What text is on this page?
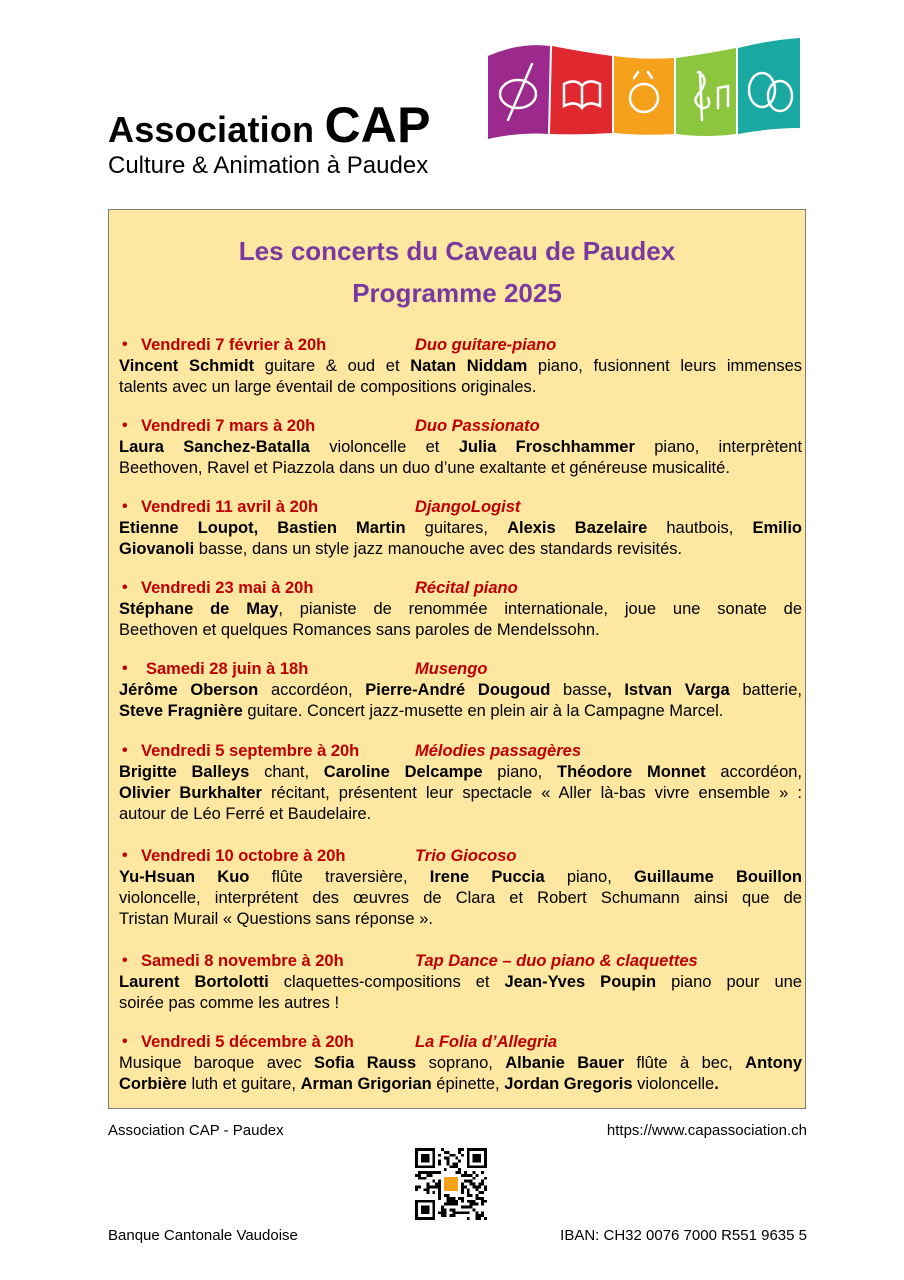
Association CAP
Culture & Animation à Paudex
Les concerts du Caveau de Paudex
Programme 2025
• Vendredi 7 février à 20h	Duo guitare-piano
Vincent Schmidt guitare & oud et Natan Niddam piano, fusionnent leurs immenses
talents avec un large éventail de compositions originales.
• Vendredi 7 mars à 20h	Duo Passionato
Laura Sanchez-Batalla violoncelle et Julia Froschhammer piano, interprètent
Beethoven, Ravel et Piazzola dans un duo d’une exaltante et généreuse musicalité.
• Vendredi 11 avril à 20h	DjangoLogist
Etienne Loupot, Bastien Martin guitares, Alexis Bazelaire hautbois, Emilio
Giovanoli basse, dans un style jazz manouche avec des standards revisités.
• Vendredi 23 mai à 20h	Récital piano
Stéphane de May, pianiste de renommée internationale, joue une sonate de
Beethoven et quelques Romances sans paroles de Mendelssohn.
• Samedi 28 juin à 18h	Musengo
Jérôme Oberson accordéon, Pierre-André Dougoud basse, Istvan Varga batterie,
Steve Fragnière guitare. Concert jazz-musette en plein air à la Campagne Marcel.
• Vendredi 5 septembre à 20h	Mélodies passagères
Brigitte Balleys chant, Caroline Delcampe piano, Théodore Monnet accordéon,
Olivier Burkhalter récitant, présentent leur spectacle « Aller là-bas vivre ensemble » :
autour de Léo Ferré et Baudelaire.
• Vendredi 10 octobre à 20h	Trio Giocoso
Yu-Hsuan Kuo flûte traversière, Irene Puccia piano, Guillaume Bouillon
violoncelle, interprétent des œuvres de Clara et Robert Schumann ainsi que de
Tristan Murail « Questions sans réponse ».
• Samedi 8 novembre à 20h	Tap Dance – duo piano & claquettes
Laurent Bortolotti claquettes-compositions et Jean-Yves Poupin piano pour une
soirée pas comme les autres !
• Vendredi 5 décembre à 20h	La Folia d’Allegria
Musique baroque avec Sofia Rauss soprano, Albanie Bauer flûte à bec, Antony
Corbière luth et guitare, Arman Grigorian épinette, Jordan Gregoris violoncelle.
Association CAP - Paudex	https://www.capassociation.ch
Banque Cantonale Vaudoise	IBAN: CH32 0076 7000 R551 9635 5
